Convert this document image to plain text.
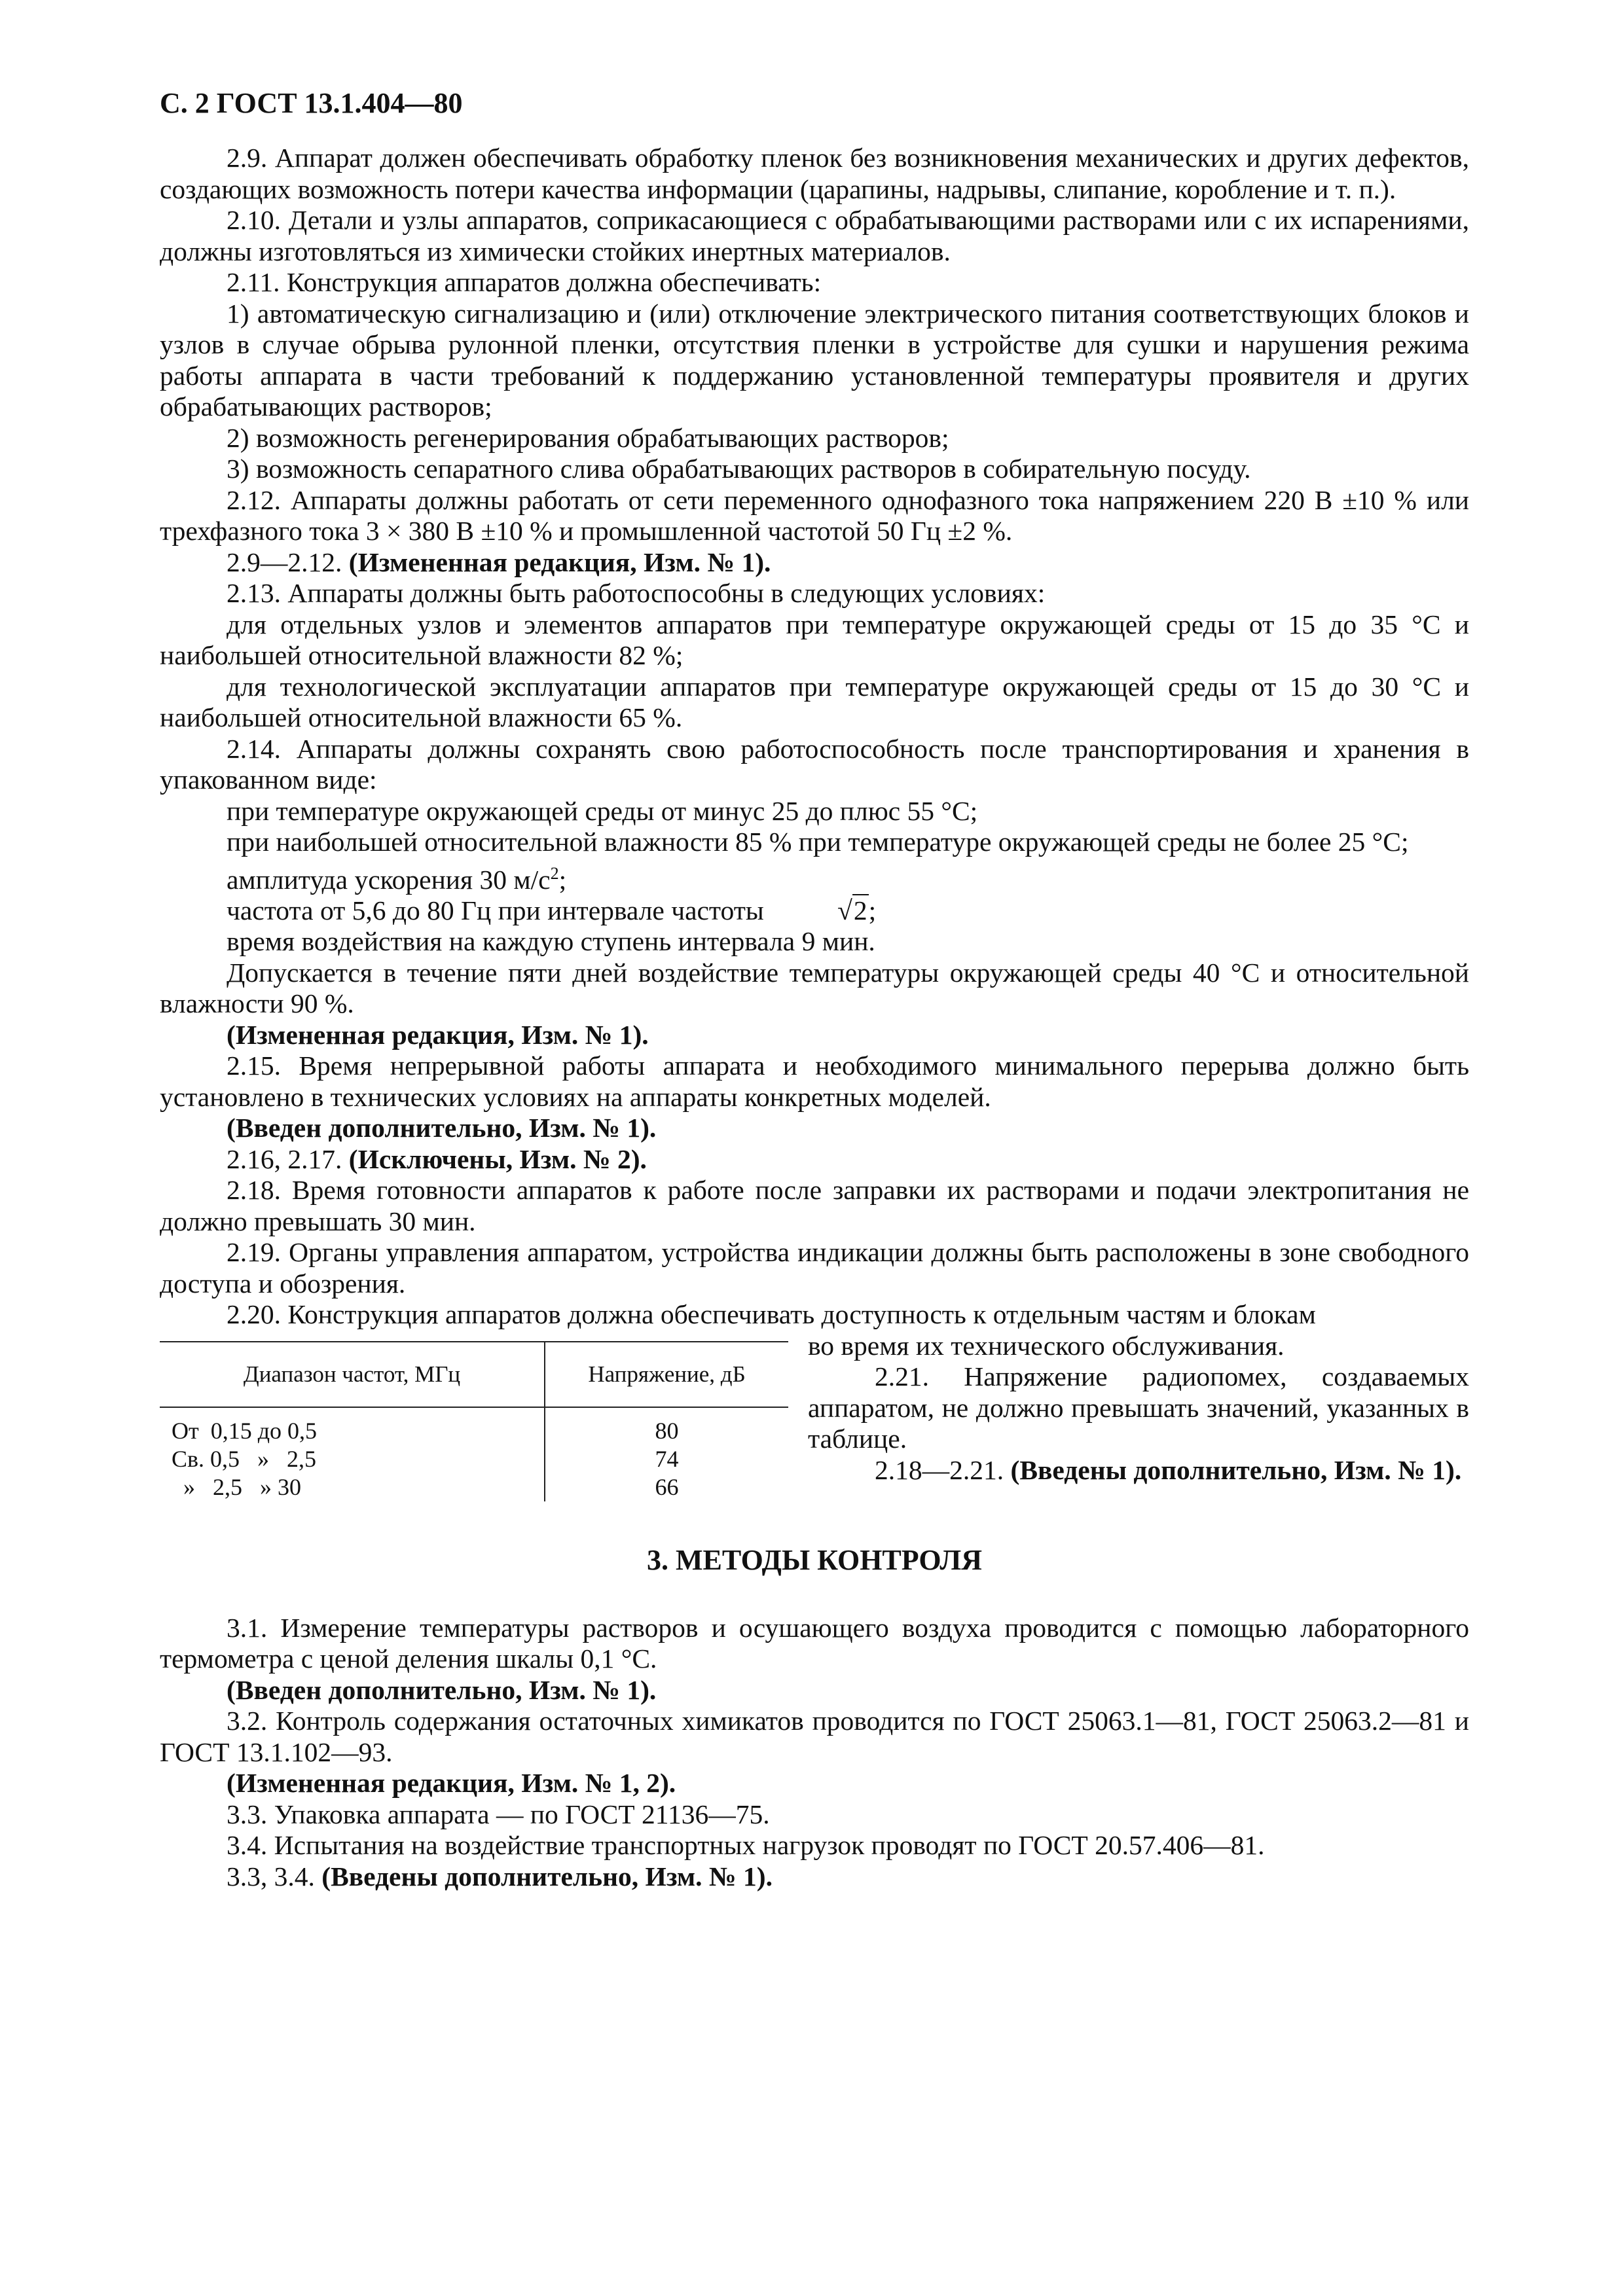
С. 2 ГОСТ 13.1.404—80
2.9. Аппарат должен обеспечивать обработку пленок без возникновения механических и других дефектов, создающих возможность потери качества информации (царапины, надрывы, слипание, коробление и т. п.).
2.10. Детали и узлы аппаратов, соприкасающиеся с обрабатывающими растворами или с их испарениями, должны изготовляться из химически стойких инертных материалов.
2.11. Конструкция аппаратов должна обеспечивать:
1) автоматическую сигнализацию и (или) отключение электрического питания соответствующих блоков и узлов в случае обрыва рулонной пленки, отсутствия пленки в устройстве для сушки и нарушения режима работы аппарата в части требований к поддержанию установленной температуры проявителя и других обрабатывающих растворов;
2) возможность регенерирования обрабатывающих растворов;
3) возможность сепаратного слива обрабатывающих растворов в собирательную посуду.
2.12. Аппараты должны работать от сети переменного однофазного тока напряжением 220 В ±10 % или трехфазного тока 3 × 380 В ±10 % и промышленной частотой 50 Гц ±2 %.
2.9—2.12. (Измененная редакция, Изм. № 1).
2.13. Аппараты должны быть работоспособны в следующих условиях:
для отдельных узлов и элементов аппаратов при температуре окружающей среды от 15 до 35 °С и наибольшей относительной влажности 82 %;
для технологической эксплуатации аппаратов при температуре окружающей среды от 15 до 30 °С и наибольшей относительной влажности 65 %.
2.14. Аппараты должны сохранять свою работоспособность после транспортирования и хранения в упакованном виде:
при температуре окружающей среды от минус 25 до плюс 55 °С;
при наибольшей относительной влажности 85 % при температуре окружающей среды не более 25 °С;
амплитуда ускорения 30 $м/с^2$;
частота от 5,6 до 80 Гц при интервале частоты √2;
время воздействия на каждую ступень интервала 9 мин.
Допускается в течение пяти дней воздействие температуры окружающей среды 40 °С и относительной влажности 90 %.
(Измененная редакция, Изм. № 1).
2.15. Время непрерывной работы аппарата и необходимого минимального перерыва должно быть установлено в технических условиях на аппараты конкретных моделей.
(Введен дополнительно, Изм. № 1).
2.16, 2.17. (Исключены, Изм. № 2).
2.18. Время готовности аппаратов к работе после заправки их растворами и подачи электропитания не должно превышать 30 мин.
2.19. Органы управления аппаратом, устройства индикации должны быть расположены в зоне свободного доступа и обозрения.
2.20. Конструкция аппаратов должна обеспечивать доступность к отдельным частям и блокам
Диапазон частот, МГц	Напряжение, дБ
От  0,15 до 0,5	80
Св. 0,5   »   2,5	74
»   2,5   » 30	66
во время их технического обслуживания.
2.21. Напряжение радиопомех, создаваемых аппаратом, не должно превышать значений, указанных в таблице.
2.18—2.21. (Введены дополнительно, Изм. № 1).
3. МЕТОДЫ КОНТРОЛЯ
3.1. Измерение температуры растворов и осушающего воздуха проводится с помощью лабораторного термометра с ценой деления шкалы 0,1 °С.
(Введен дополнительно, Изм. № 1).
3.2. Контроль содержания остаточных химикатов проводится по ГОСТ 25063.1—81, ГОСТ 25063.2—81 и ГОСТ 13.1.102—93.
(Измененная редакция, Изм. № 1, 2).
3.3. Упаковка аппарата — по ГОСТ 21136—75.
3.4. Испытания на воздействие транспортных нагрузок проводят по ГОСТ 20.57.406—81.
3.3, 3.4. (Введены дополнительно, Изм. № 1).
